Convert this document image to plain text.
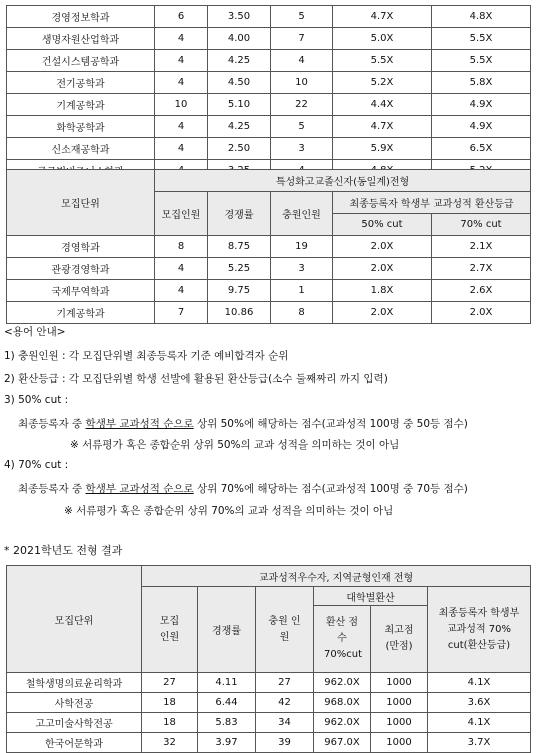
경영정보학과	6	3.50	5	4.7X	4.8X
생명자원산업학과	4	4.00	7	5.0X	5.5X
건설시스템공학과	4	4.25	4	5.5X	5.5X
전기공학과	4	4.50	10	5.2X	5.8X
기계공학과	10	5.10	22	4.4X	4.9X
화학공학과	4	4.25	5	4.7X	4.9X
신소재공학과	4	2.50	3	5.9X	6.5X

모집단위	특성화고교졸신자(동일계)전형				
	모집인원	경쟁률	충원인원	최종등록자 학생부 교과성적 환산등급	
				50% cut	70% cut
경영학과	8	8.75	19	2.0X	2.1X
관광경영학과	4	5.25	3	2.0X	2.7X
국제무역학과	4	9.75	1	1.8X	2.6X
기계공학과	7	10.86	8	2.0X	2.0X
<용어 안내>
1) 충원인원 : 각 모집단위별 최종등록자 기준 예비합격자 순위
2) 환산등급 : 각 모집단위별 학생 선발에 활용된 환산등급(소수 둘째짜리 까지 입력)
3) 50% cut :
최종등록자 중 학생부 교과성적 순으로 상위 50%에 해당하는 점수(교과성적 100명 중 50등 점수)
※ 서류평가 혹은 종합순위 상위 50%의 교과 성적을 의미하는 것이 아님
4) 70% cut :
최종등록자 중 학생부 교과성적 순으로 상위 70%에 해당하는 점수(교과성적 100명 중 70등 점수)
※ 서류평가 혹은 종합순위 상위 70%의 교과 성적을 의미하는 것이 아님
* 2021학년도 전형 결과
모집단위	교과성적우수자, 지역균형인재 전형					
	모집 인원	경쟁률	충원 인원	대학별환산		최종등록자 학생부 교과성적 70% cut(환산등급)
				환산 점수 70%cut	최고점 (만점)	
철학생명의료윤리학과	27	4.11	27	962.0X	1000	4.1X
사학전공	18	6.44	42	968.0X	1000	3.6X
고고미술사학전공	18	5.83	34	962.0X	1000	4.1X
한국어문학과	32	3.97	39	967.0X	1000	3.7X
